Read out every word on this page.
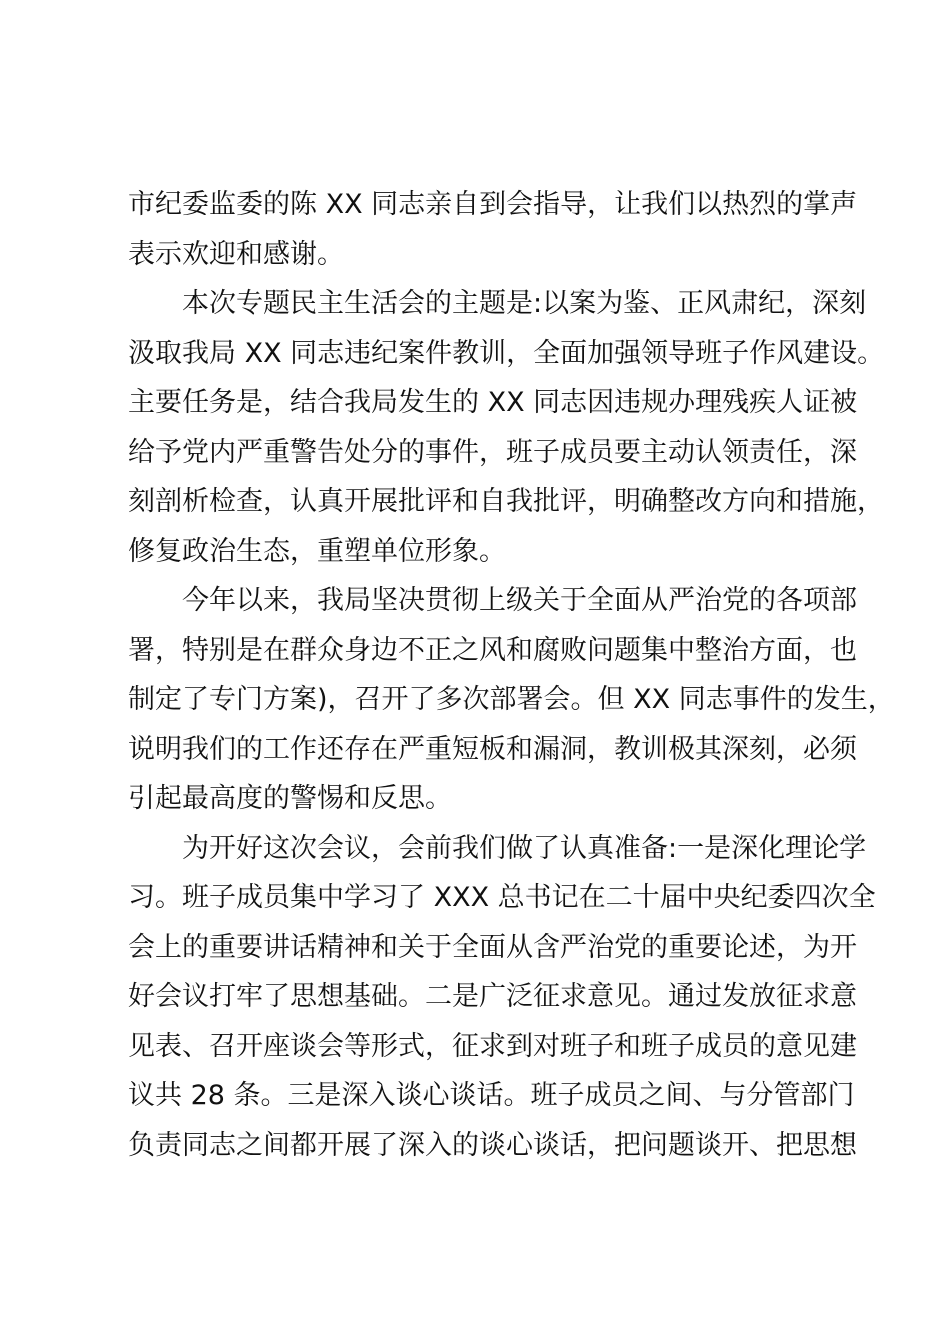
市纪委监委的陈 XX 同志亲自到会指导，让我们以热烈的掌声
表示欢迎和感谢。
本次专题民主生活会的主题是:以案为鉴、正风肃纪，深刻
汲取我局 XX 同志违纪案件教训，全面加强领导班子作风建设。
主要任务是，结合我局发生的 XX 同志因违规办理残疾人证被
给予党内严重警告处分的事件，班子成员要主动认领责任，深
刻剖析检查，认真开展批评和自我批评，明确整改方向和措施，
修复政治生态，重塑单位形象。
今年以来，我局坚决贯彻上级关于全面从严治党的各项部
署，特别是在群众身边不正之风和腐败问题集中整治方面，也
制定了专门方案)，召开了多次部署会。但 XX 同志事件的发生，
说明我们的工作还存在严重短板和漏洞，教训极其深刻，必须
引起最高度的警惕和反思。
为开好这次会议，会前我们做了认真准备:一是深化理论学
习。班子成员集中学习了 XXX 总书记在二十届中央纪委四次全
会上的重要讲话精神和关于全面从含严治党的重要论述，为开
好会议打牢了思想基础。二是广泛征求意见。通过发放征求意
见表、召开座谈会等形式，征求到对班子和班子成员的意见建
议共 28 条。三是深入谈心谈话。班子成员之间、与分管部门
负责同志之间都开展了深入的谈心谈话，把问题谈开、把思想
